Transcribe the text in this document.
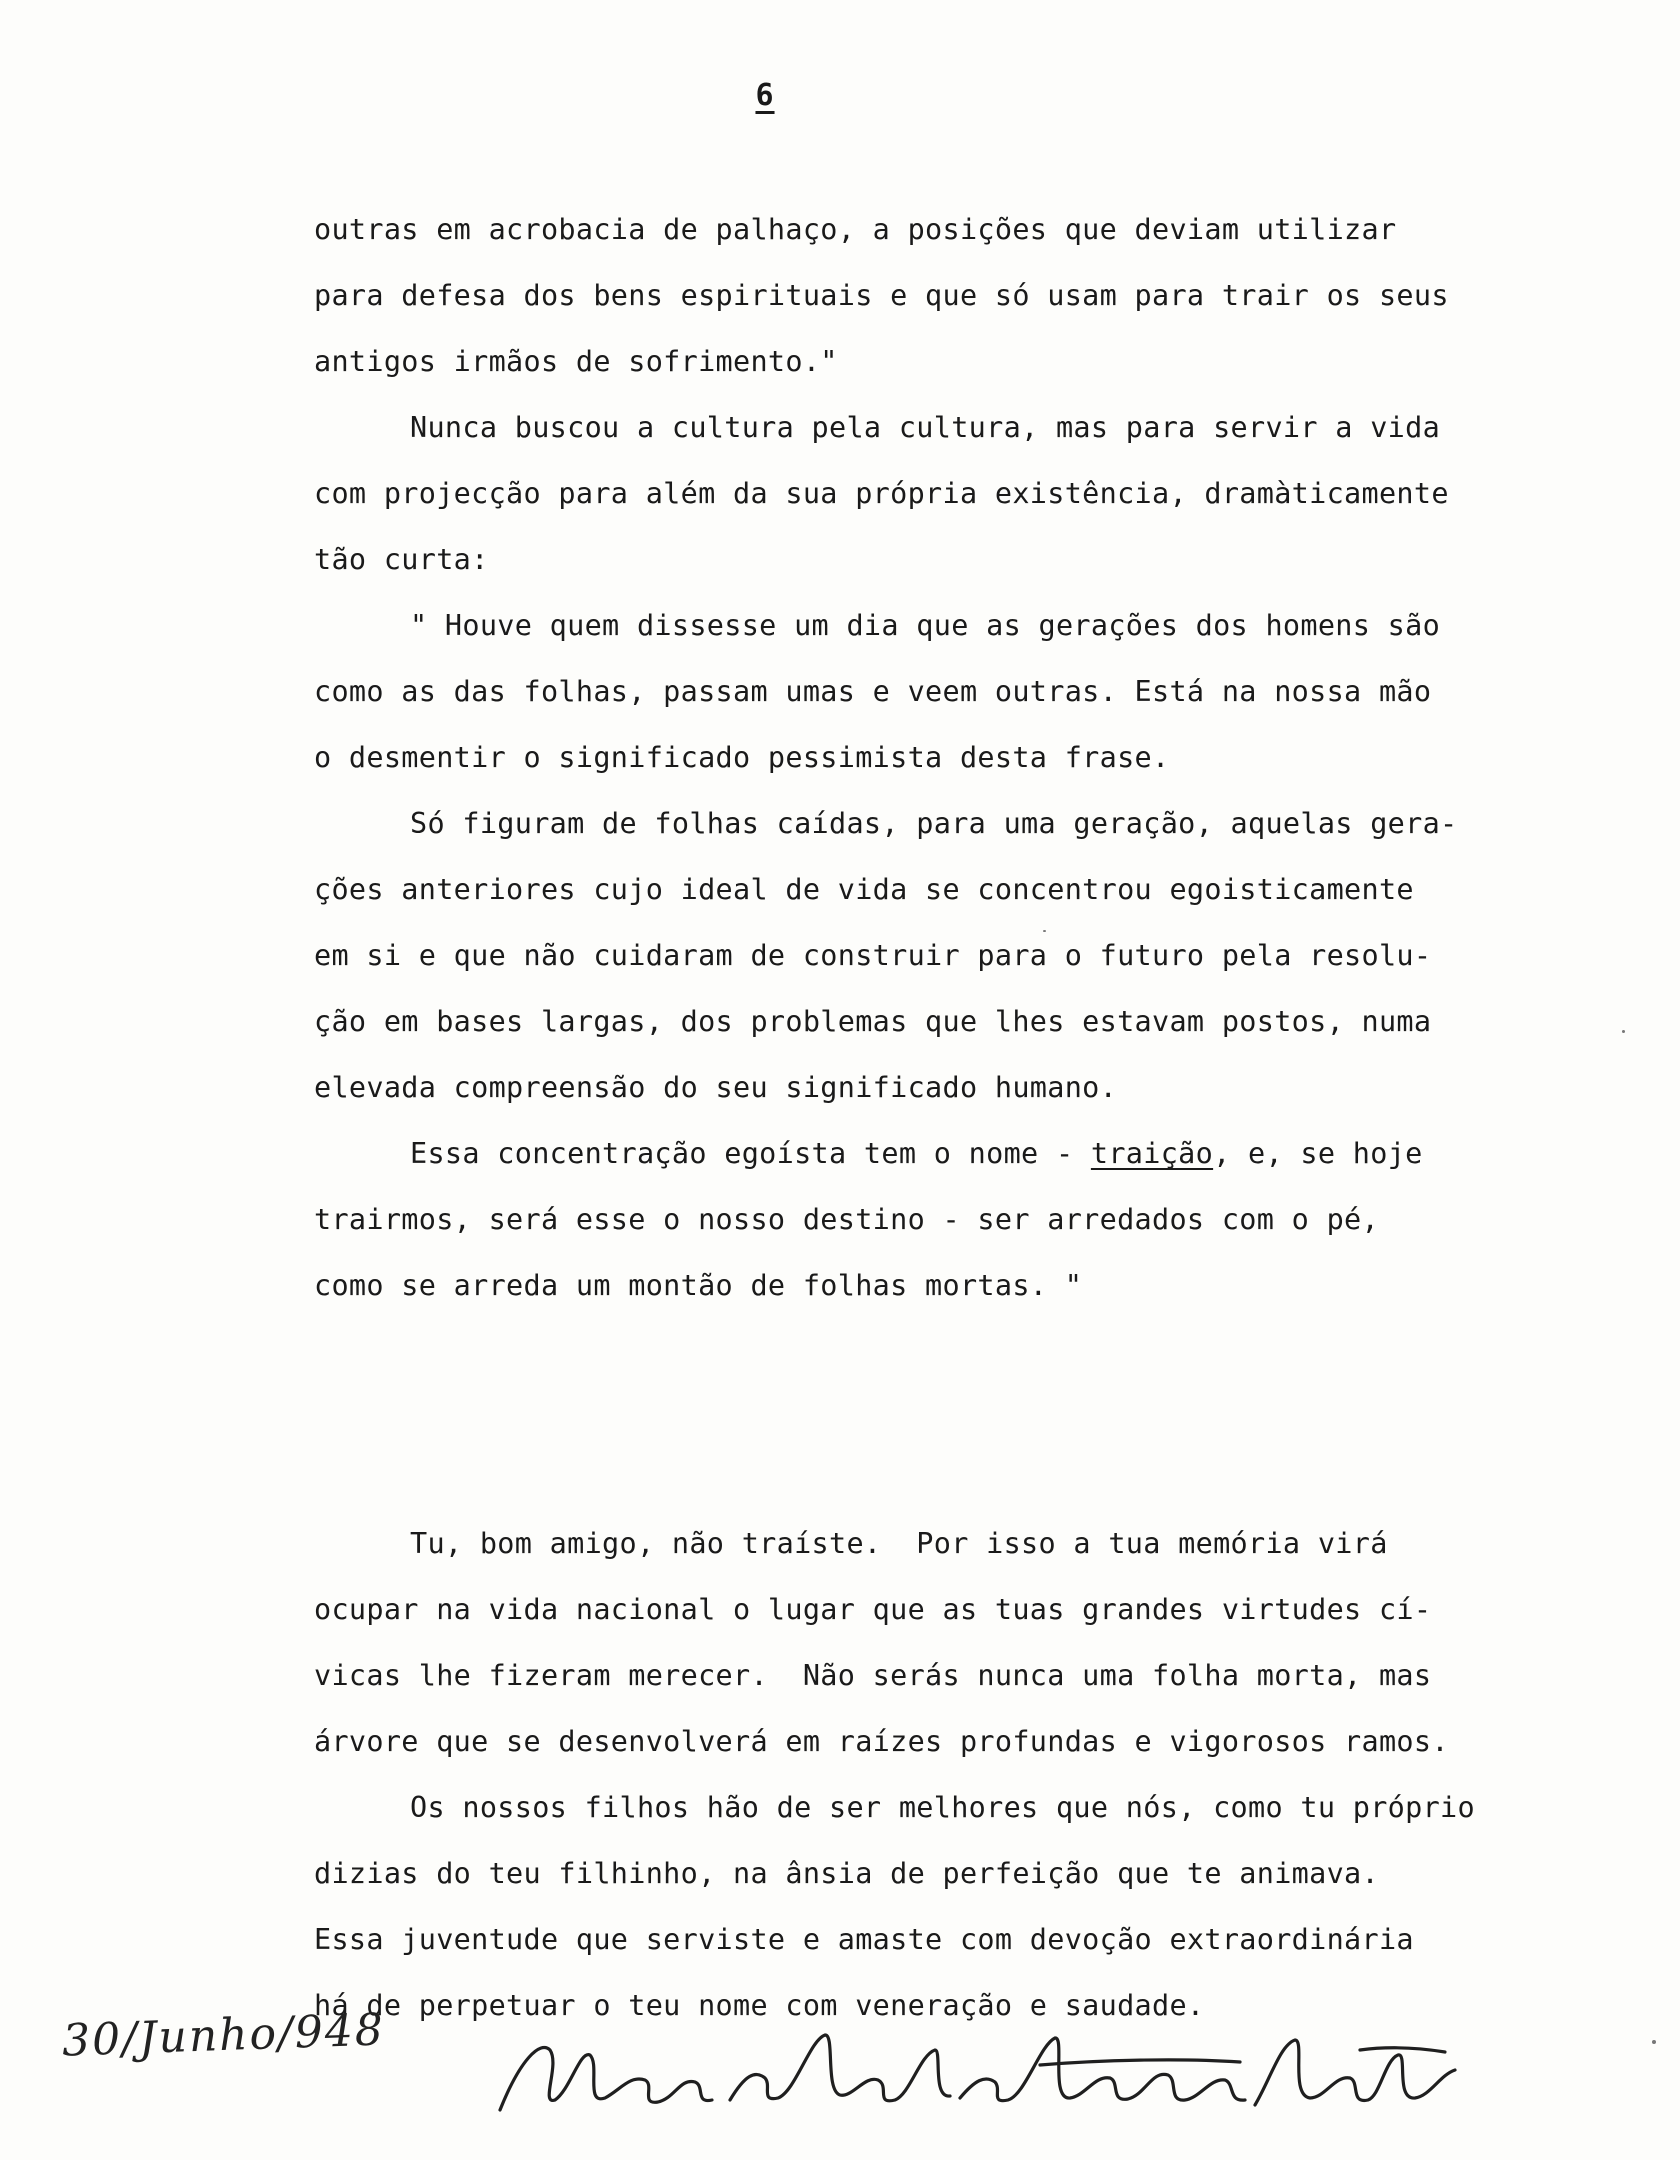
6
outras em acrobacia de palhaço, a posições que deviam utilizar
para defesa dos bens espirituais e que só usam para trair os seus
antigos irmãos de sofrimento."
Nunca buscou a cultura pela cultura, mas para servir a vida
com projecção para além da sua própria existência, dramàticamente
tão curta:
" Houve quem dissesse um dia que as gerações dos homens são
como as das folhas, passam umas e veem outras. Está na nossa mão
o desmentir o significado pessimista desta frase.
Só figuram de folhas caídas, para uma geração, aquelas gera-
ções anteriores cujo ideal de vida se concentrou egoisticamente
em si e que não cuidaram de construir para o futuro pela resolu-
ção em bases largas, dos problemas que lhes estavam postos, numa
elevada compreensão do seu significado humano.
Essa concentração egoísta tem o nome - traição, e, se hoje
trairmos, será esse o nosso destino - ser arredados com o pé,
como se arreda um montão de folhas mortas. "
Tu, bom amigo, não traíste.  Por isso a tua memória virá
ocupar na vida nacional o lugar que as tuas grandes virtudes cí-
vicas lhe fizeram merecer.  Não serás nunca uma folha morta, mas
árvore que se desenvolverá em raízes profundas e vigorosos ramos.
Os nossos filhos hão de ser melhores que nós, como tu próprio
dizias do teu filhinho, na ânsia de perfeição que te animava.
Essa juventude que serviste e amaste com devoção extraordinária
há de perpetuar o teu nome com veneração e saudade.
30/Junho/948
